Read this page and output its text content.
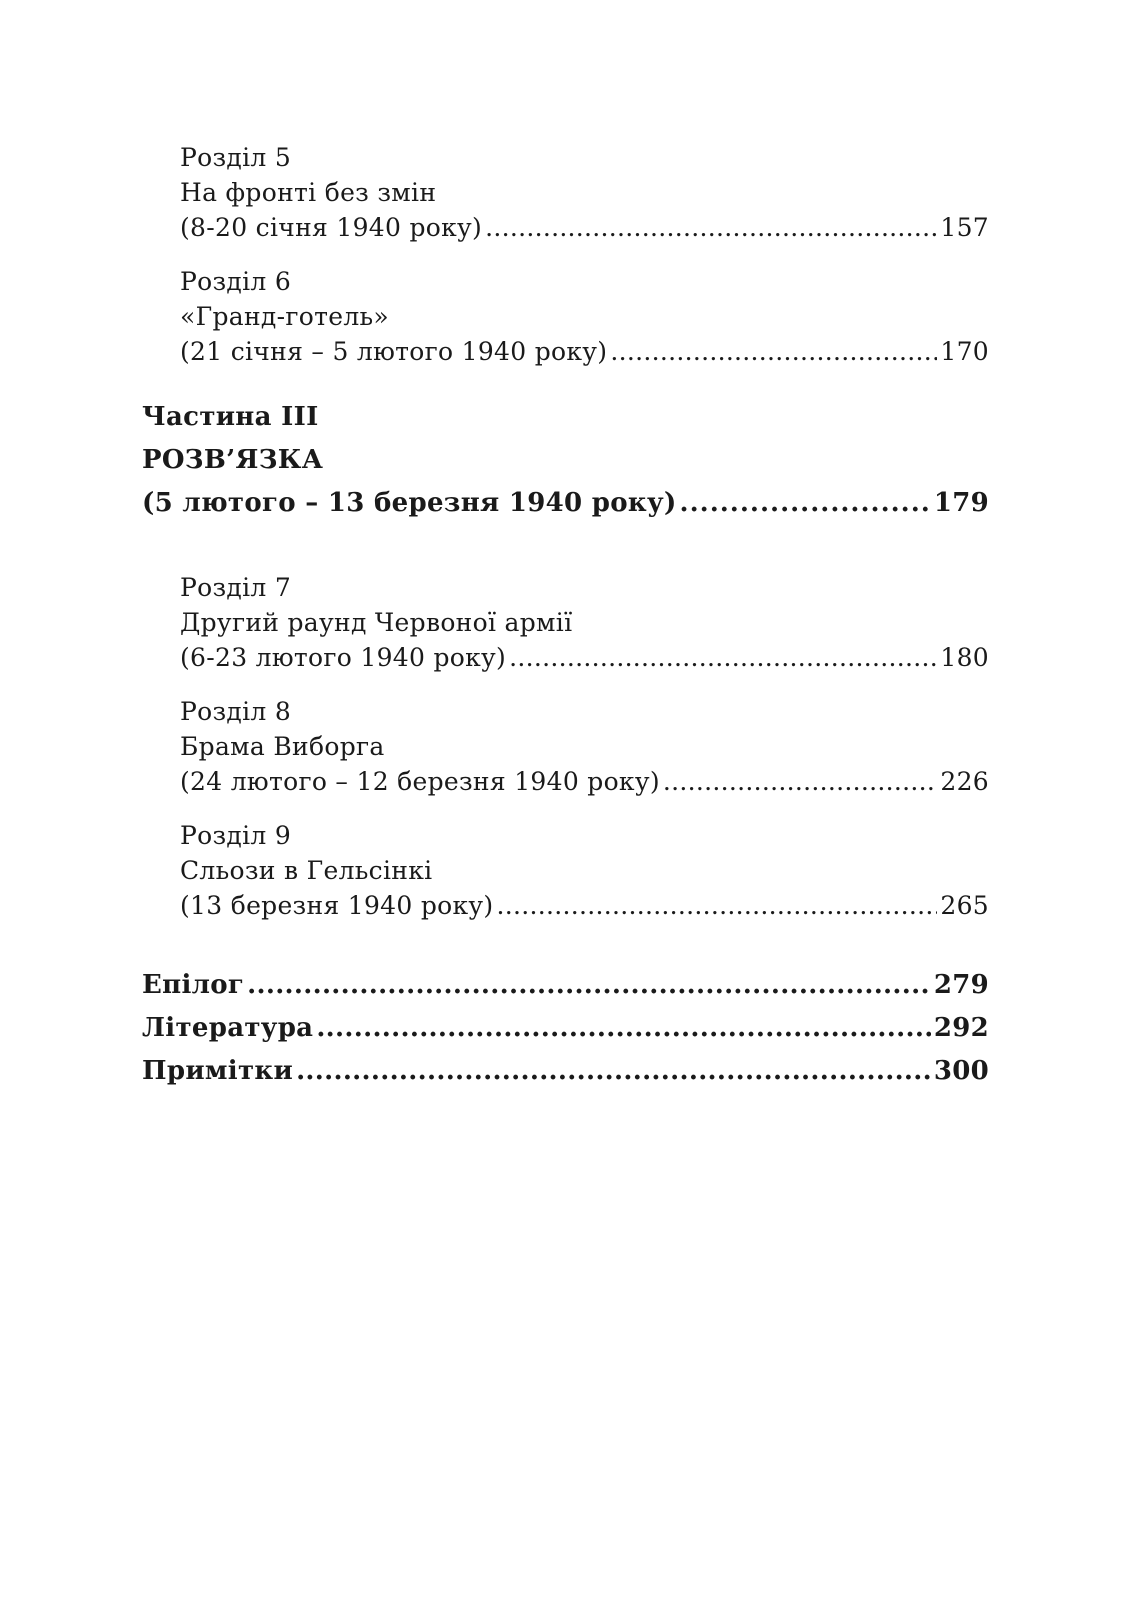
Розділ 5
На фронті без змін
(8-20 січня 1940 року) .....	157
Розділ 6
«Гранд-готель»
(21 січня – 5 лютого 1940 року) .....	170
Частина III
РОЗВ’ЯЗКА
(5 лютого – 13 березня 1940 року) .....	179
Розділ 7
Другий раунд Червоної армії
(6-23 лютого 1940 року) .....	180
Розділ 8
Брама Виборга
(24 лютого – 12 березня 1940 року) .....	226
Розділ 9
Сльози в Гельсінкі
(13 березня 1940 року) .....	265
Епілог .....	279
Література .....	292
Примітки .....	300
